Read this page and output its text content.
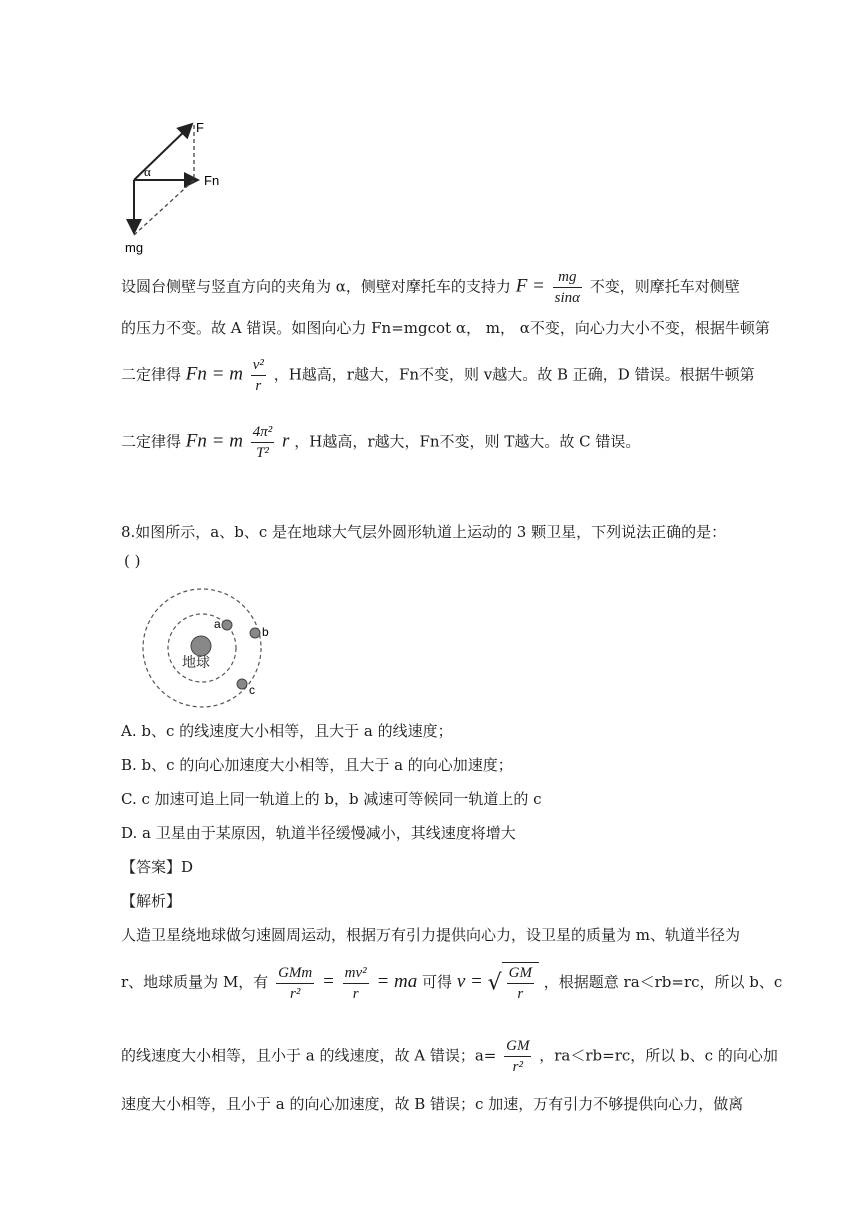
F
Fn
α
mg
设圆台侧壁与竖直方向的夹角为 α，侧壁对摩托车的支持力 $F = \frac{mg}{\sin\alpha}$ 不变，则摩托车对侧壁
的压力不变。故 A 错误。如图向心力 Fn=mgcot α， m， α不变，向心力大小不变，根据牛顿第
二定律得 Fn = m $\frac{\text{v²}}{r}$ ，H越高，r越大，Fn不变，则 v越大。故 B 正确，D 错误。根据牛顿第
二定律得 Fn = m $\frac{\text{4π²}}{\text{T²}}$ r ，H越高，r越大，Fn不变，则 T越大。故 C 错误。
8.如图所示，a、b、c 是在地球大气层外圆形轨道上运动的 3 颗卫星，下列说法正确的是：
( )
地球
a
b
c
A. b、c 的线速度大小相等，且大于 a 的线速度；
B. b、c 的向心加速度大小相等，且大于 a 的向心加速度；
C. c 加速可追上同一轨道上的 b，b 减速可等候同一轨道上的 c
D. a 卫星由于某原因，轨道半径缓慢减小，其线速度将增大
【答案】D
【解析】
人造卫星绕地球做匀速圆周运动，根据万有引力提供向心力，设卫星的质量为 m、轨道半径为
r、地球质量为 M，有 $\frac{\text{GMm}}{\text{r²}} = \frac{\text{mv²}}{r}$ = ma 可得 v = √ $\frac{GM}{r}$ ，根据题意 ra＜rb=rc，所以 b、c
的线速度大小相等，且小于 a 的线速度，故 A 错误；$a= \frac{GM}{\text{r²}}$ ，ra＜rb=rc，所以 b、c 的向心加
速度大小相等，且小于 a 的向心加速度，故 B 错误；c 加速，万有引力不够提供向心力，做离
